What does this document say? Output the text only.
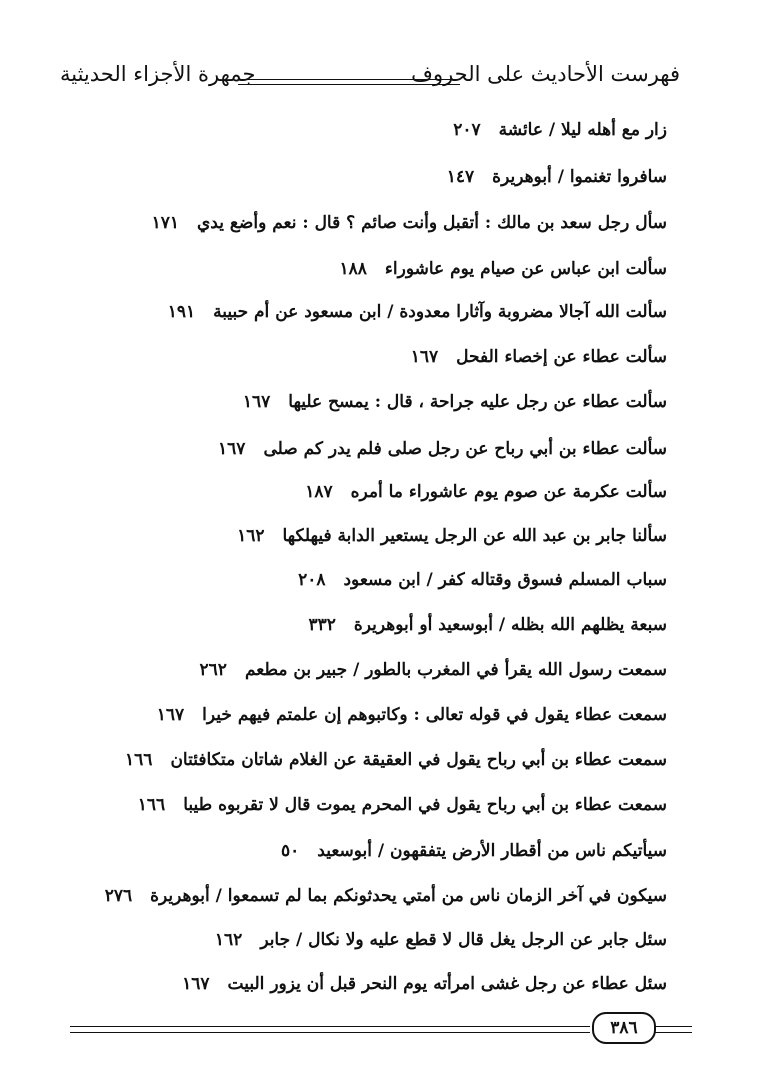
فهرست الأحاديث على الحروف
جمهرة الأجزاء الحديثية
زار مع أهله ليلا / عائشة٢٠٧
سافروا تغنموا / أبوهريرة١٤٧
سأل رجل سعد بن مالك : أتقبل وأنت صائم ؟ قال : نعم وأضع يدي١٧١
سألت ابن عباس عن صيام يوم عاشوراء١٨٨
سألت الله آجالا مضروبة وآثارا معدودة / ابن مسعود عن أم حبيبة١٩١
سألت عطاء عن إخصاء الفحل١٦٧
سألت عطاء عن رجل عليه جراحة ، قال : يمسح عليها١٦٧
سألت عطاء بن أبي رباح عن رجل صلى فلم يدر كم صلى١٦٧
سألت عكرمة عن صوم يوم عاشوراء ما أمره١٨٧
سألنا جابر بن عبد الله عن الرجل يستعير الدابة فيهلكها١٦٢
سباب المسلم فسوق وقتاله كفر / ابن مسعود٢٠٨
سبعة يظلهم الله بظله / أبوسعيد أو أبوهريرة٣٣٢
سمعت رسول الله يقرأ في المغرب بالطور / جبير بن مطعم٢٦٢
سمعت عطاء يقول في قوله تعالى : وكاتبوهم إن علمتم فيهم خيرا١٦٧
سمعت عطاء بن أبي رباح يقول في العقيقة عن الغلام شاتان متكافئتان١٦٦
سمعت عطاء بن أبي رباح يقول في المحرم يموت قال لا تقربوه طيبا١٦٦
سيأتيكم ناس من أقطار الأرض يتفقهون / أبوسعيد٥٠
سيكون في آخر الزمان ناس من أمتي يحدثونكم بما لم تسمعوا / أبوهريرة٢٧٦
سئل جابر عن الرجل يغل قال لا قطع عليه ولا نكال / جابر١٦٢
سئل عطاء عن رجل غشى امرأته يوم النحر قبل أن يزور البيت١٦٧
٣٨٦
